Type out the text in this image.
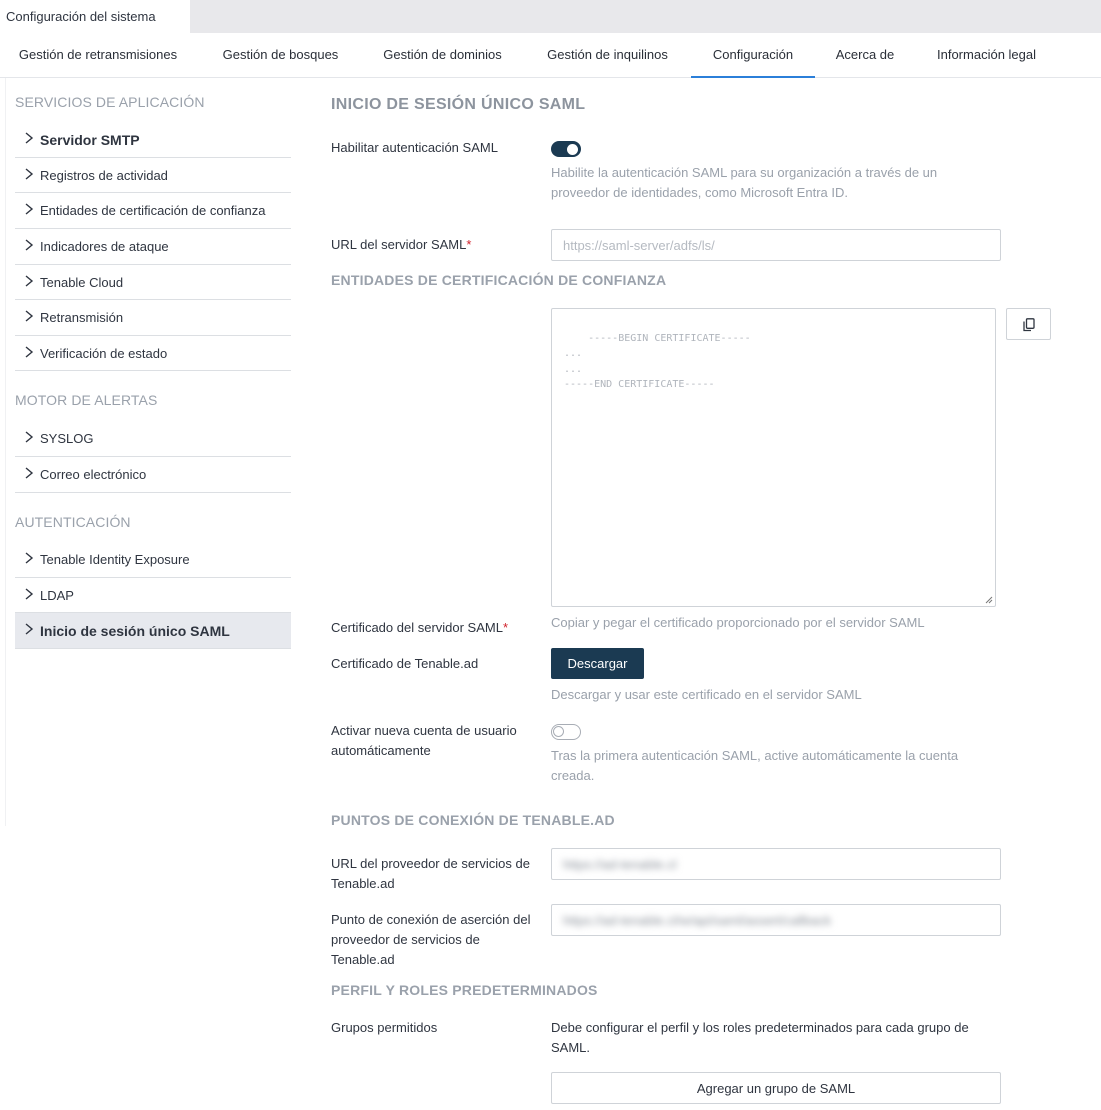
Configuración del sistema
Gestión de retransmisiones	Gestión de bosques	Gestión de dominios	Gestión de inquilinos	Configuración	Acerca de	Información legal
SERVICIOS DE APLICACIÓN
Servidor SMTP
Registros de actividad
Entidades de certificación de confianza
Indicadores de ataque
Tenable Cloud
Retransmisión
Verificación de estado
MOTOR DE ALERTAS
SYSLOG
Correo electrónico
AUTENTICACIÓN
Tenable Identity Exposure
LDAP
Inicio de sesión único SAML
INICIO DE SESIÓN ÚNICO SAML
Habilitar autenticación SAML
Habilite la autenticación SAML para su organización a través de un proveedor de identidades, como Microsoft Entra ID.
URL del servidor SAML*	https://saml-server/adfs/ls/
ENTIDADES DE CERTIFICACIÓN DE CONFIANZA

-----BEGIN CERTIFICATE-----
...
...
-----END CERTIFICATE-----

Certificado del servidor SAML*	Copiar y pegar el certificado proporcionado por el servidor SAML
Certificado de Tenable.ad	Descargar
Descargar y usar este certificado en el servidor SAML
Activar nueva cuenta de usuario automáticamente	Tras la primera autenticación SAML, active automáticamente la cuenta creada.
PUNTOS DE CONEXIÓN DE TENABLE.AD
URL del proveedor de servicios de Tenable.ad
https://ad-tenable.cl
Punto de conexión de aserción del proveedor de servicios de Tenable.ad
https://ad-tenable.cl/w/api/saml/assert/callback
PERFIL Y ROLES PREDETERMINADOS
Grupos permitidos	Debe configurar el perfil y los roles predeterminados para cada grupo de SAML.
Agregar un grupo de SAML
